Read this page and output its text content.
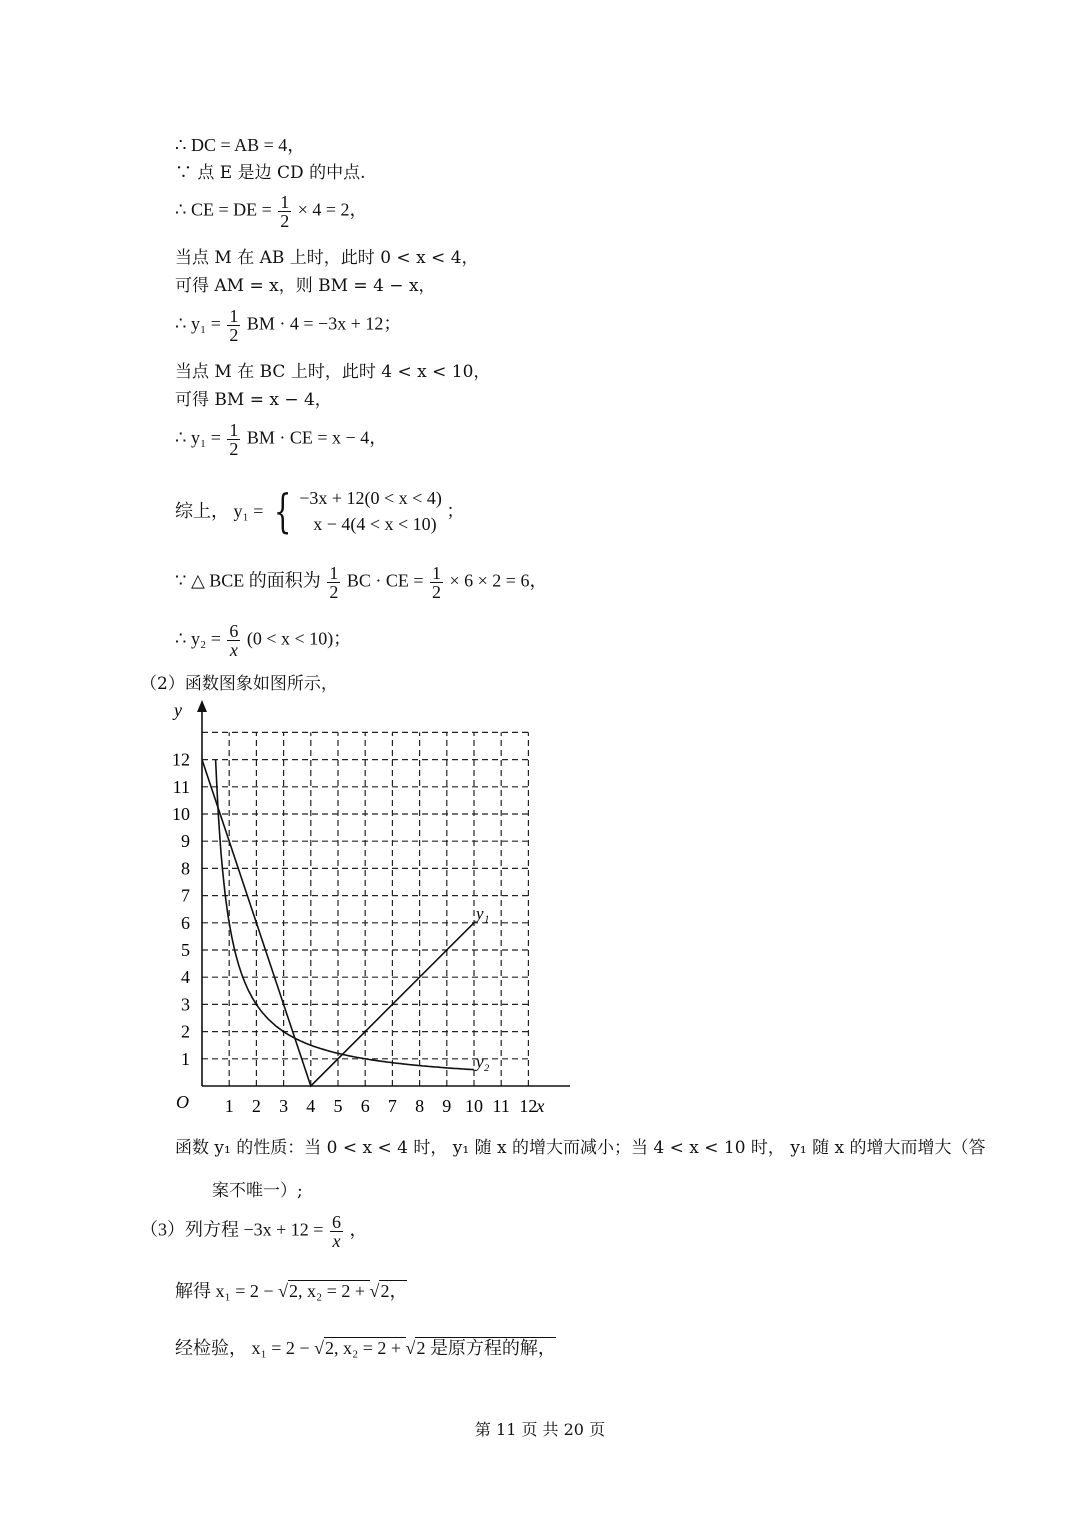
∴ DC = AB = 4，
∵ 点 E 是边 CD 的中点.
∴ CE = DE = $\frac{1}{2} \times 4 = 2$，
当点 M 在 AB 上时，此时 0 < x < 4，
可得 AM = x，则 BM = 4 − x，
∴ $y_1 = \frac{1}{2}$ BM · 4 = −3x + 12；
当点 M 在 BC 上时，此时 4 < x < 10，
可得 BM = x − 4，
∴ $y_1 = \frac{1}{2}$ BM · CE = x − 4，
综上， y₁ = { −3x + 12(0 < x < 4)
x − 4(4 < x < 10)
；
∵ △ BCE 的面积为 $\frac{1}{2}$ BC · CE = $\frac{1}{2} \times 6 \times 2 = 6$，
∴ $y_2 = \frac{6}{x} (0 < x < 10)$；
（2）函数图象如图所示，
1 2 3 4 5 6 7 8 9 10 11 12
1
2
3
4
5
6
7
8
9
10
11
12
y₁
y₂
x
y
O
函数 y₁ 的性质：当 0 < x < 4 时， y₁ 随 x 的增大而减小；当 4 < x < 10 时， y₁ 随 x 的增大而增大（答
案不唯一）;
（3）列方程 $-3x + 12 = \frac{6}{x}$ ，
解得 x₁ = 2 − √2, x₂ = 2 + √2，
经检验， x₁ = 2 − √2, x₂ = 2 + √2 是原方程的解，
第 11 页 共 20 页
